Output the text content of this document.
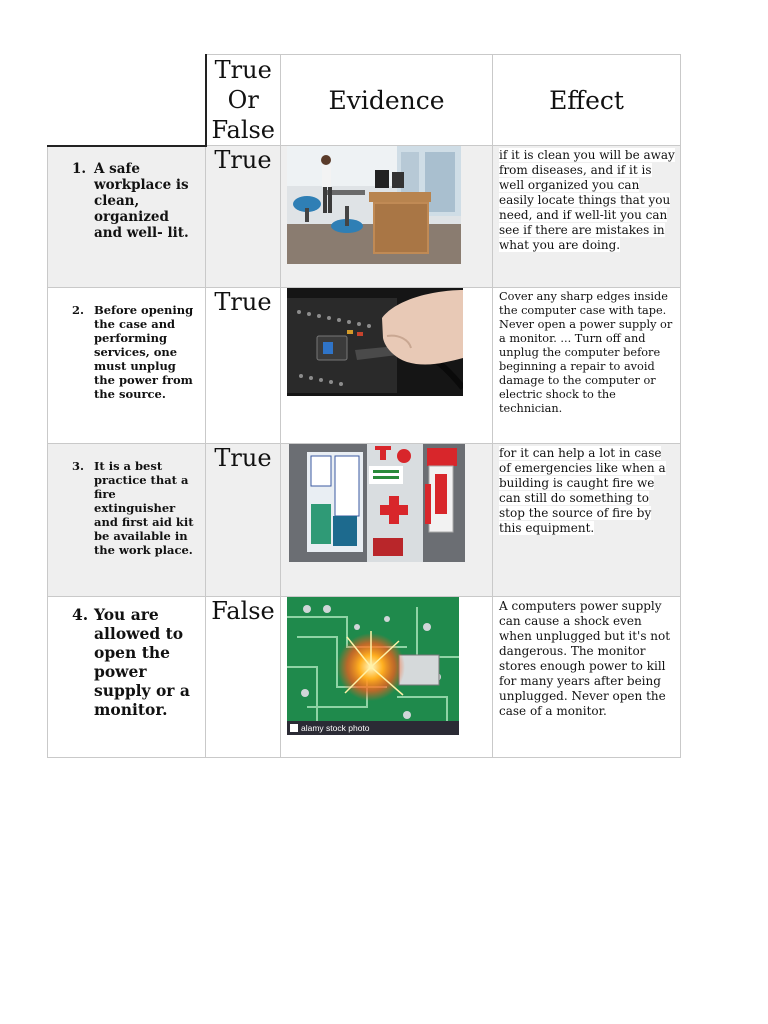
	True Or False	Evidence	Effect

1. A safe workplace is clean, organized and well- lit.	True		if it is clean you will be away from diseases, and if it is well organized you can easily locate things that you need, and if well-lit you can see if there are mistakes in what you are doing.

2. Before opening the case and performing services, one must unplug the power from the source.	True		Cover any sharp edges inside the computer case with tape. Never open a power supply or a monitor. ... Turn off and unplug the computer before beginning a repair to avoid damage to the computer or electric shock to the technician.

3. It is a best practice that a fire extinguisher and first aid kit be available in the work place.	True		for it can help a lot in case of emergencies like when a building is caught fire we can still do something to stop the source of fire by this equipment.

4. You are allowed to open the power supply or a monitor.	False	alamy stock photo	A computers power supply can cause a shock even when unplugged but it's not dangerous. The monitor stores enough power to kill for many years after being unplugged. Never open the case of a monitor.
